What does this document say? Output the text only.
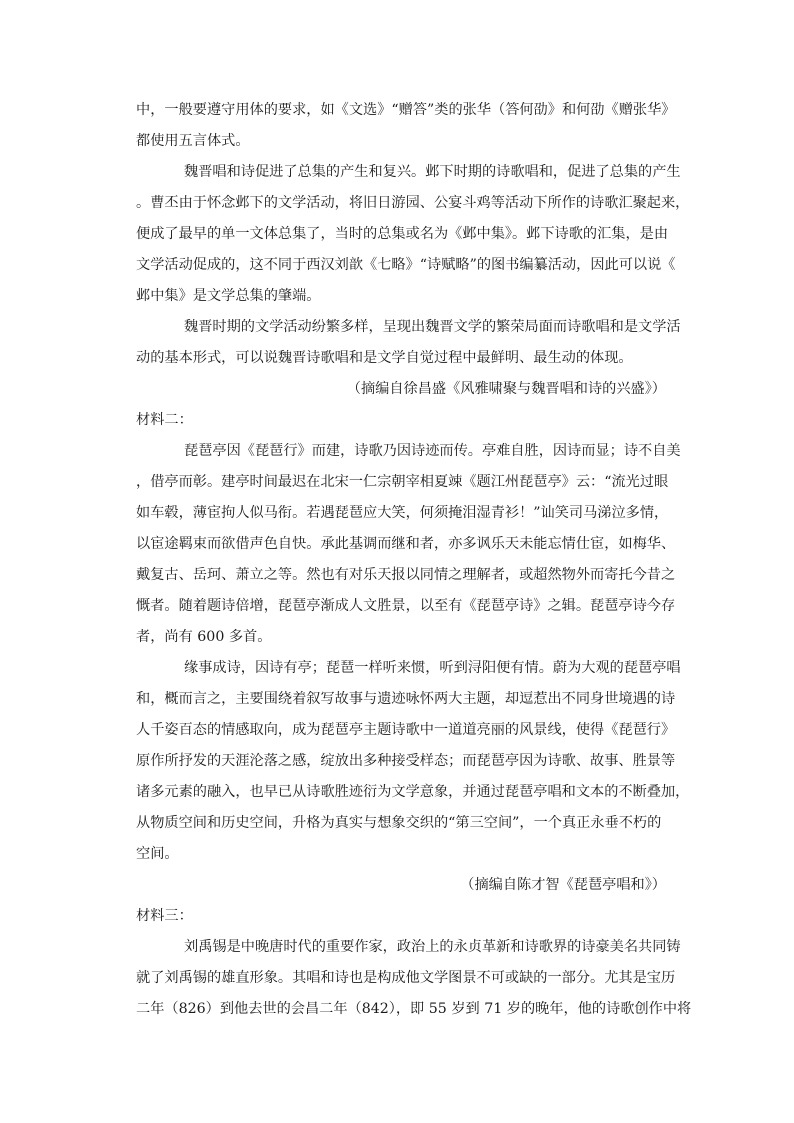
中，一般要遵守用体的要求，如《文选》“赠答”类的张华（答何劭》和何劭《赠张华》
都使用五言体式。
魏晋唱和诗促进了总集的产生和复兴。邺下时期的诗歌唱和，促进了总集的产生
。曹丕由于怀念邺下的文学活动，将旧日游园、公宴斗鸡等活动下所作的诗歌汇聚起来，
便成了最早的单一文体总集了，当时的总集或名为《邺中集》。邺下诗歌的汇集，是由
文学活动促成的，这不同于西汉刘歆《七略》“诗赋略”的图书编纂活动，因此可以说《
邺中集》是文学总集的肇端。
魏晋时期的文学活动纷繁多样，呈现出魏晋文学的繁荣局面而诗歌唱和是文学活
动的基本形式，可以说魏晋诗歌唱和是文学自觉过程中最鲜明、最生动的体现。
（摘编自徐昌盛《风雅啸聚与魏晋唱和诗的兴盛》）
材料二：
琵琶亭因《琵琶行》而建，诗歌乃因诗迹而传。亭难自胜，因诗而显；诗不自美
，借亭而彰。建亭时间最迟在北宋一仁宗朝宰相夏竦《题江州琵琶亭》云：“流光过眼
如车毂，薄宦拘人似马衔。若遇琵琶应大笑，何须掩泪湿青衫！”讪笑司马涕泣多情，
以宦途羁束而欲借声色自快。承此基调而继和者，亦多讽乐天未能忘情仕宦，如梅华、
戴复古、岳珂、萧立之等。然也有对乐天报以同情之理解者，或超然物外而寄托今昔之
慨者。随着题诗倍增，琵琶亭渐成人文胜景，以至有《琵琶亭诗》之辑。琵琶亭诗今存
者，尚有 600 多首。
缘事成诗，因诗有亭；琵琶一样听来惯，听到浔阳便有情。蔚为大观的琵琶亭唱
和，概而言之，主要围绕着叙写故事与遗迹咏怀两大主题，却逗惹出不同身世境遇的诗
人千姿百态的情感取向，成为琵琶亭主题诗歌中一道道亮丽的风景线，使得《琵琶行》
原作所抒发的天涯沦落之感，绽放出多种接受样态；而琵琶亭因为诗歌、故事、胜景等
诸多元素的融入，也早已从诗歌胜迹衍为文学意象，并通过琵琶亭唱和文本的不断叠加，
从物质空间和历史空间，升格为真实与想象交织的“第三空间”，一个真正永垂不朽的
空间。
（摘编自陈才智《琵琶亭唱和》）
材料三：
刘禹锡是中晚唐时代的重要作家，政治上的永贞革新和诗歌界的诗豪美名共同铸
就了刘禹锡的雄直形象。其唱和诗也是构成他文学图景不可或缺的一部分。尤其是宝历
二年（826）到他去世的会昌二年（842），即 55 岁到 71 岁的晚年，他的诗歌创作中将
